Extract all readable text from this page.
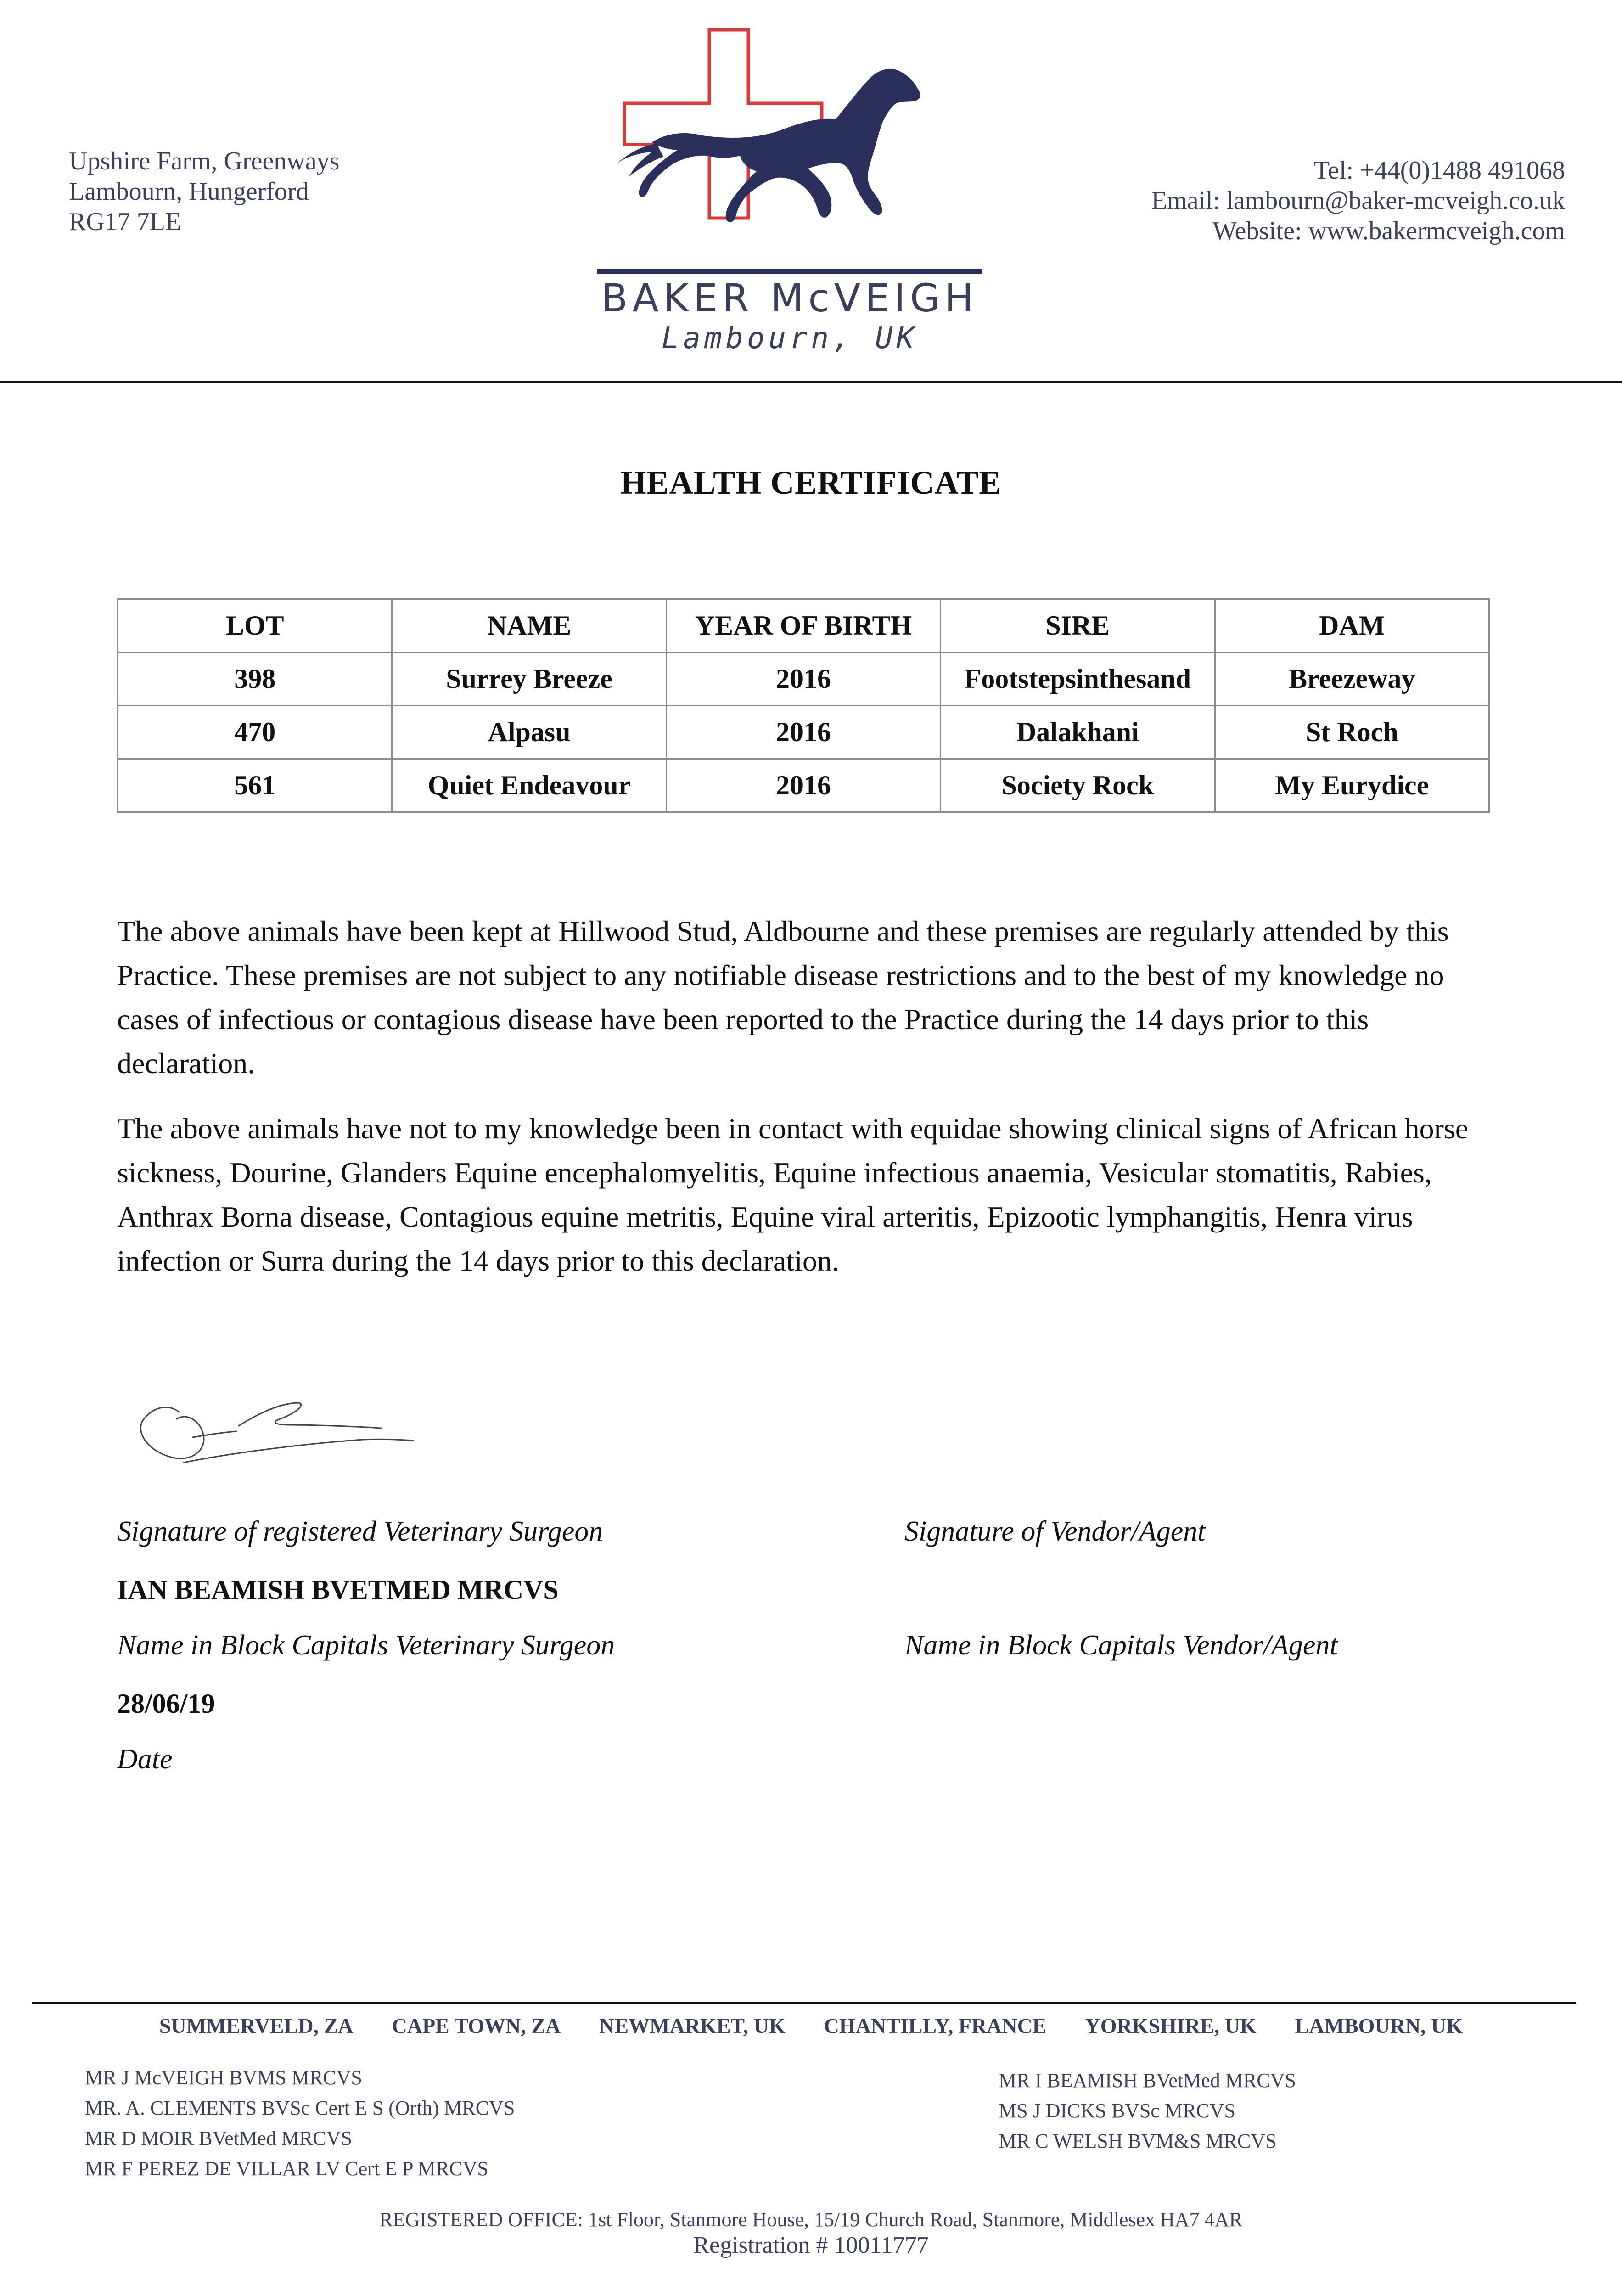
Upshire Farm, Greenways
Lambourn, Hungerford
RG17 7LE
BAKER McVEIGH
Lambourn, UK
Tel: +44(0)1488 491068
Email: lambourn@baker-mcveigh.co.uk
Website: www.bakermcveigh.com
HEALTH CERTIFICATE
LOT	NAME	YEAR OF BIRTH	SIRE	DAM
398	Surrey Breeze	2016	Footstepsinthesand	Breezeway
470	Alpasu	2016	Dalakhani	St Roch
561	Quiet Endeavour	2016	Society Rock	My Eurydice
The above animals have been kept at Hillwood Stud, Aldbourne and these premises are regularly attended by this Practice. These premises are not subject to any notifiable disease restrictions and to the best of my knowledge no cases of infectious or contagious disease have been reported to the Practice during the 14 days prior to this declaration.
The above animals have not to my knowledge been in contact with equidae showing clinical signs of African horse sickness, Dourine, Glanders Equine encephalomyelitis, Equine infectious anaemia, Vesicular stomatitis, Rabies, Anthrax Borna disease, Contagious equine metritis, Equine viral arteritis, Epizootic lymphangitis, Henra virus infection or Surra during the 14 days prior to this declaration.
Signature of registered Veterinary Surgeon	Signature of Vendor/Agent
IAN BEAMISH BVETMED MRCVS
Name in Block Capitals Veterinary Surgeon	Name in Block Capitals Vendor/Agent
28/06/19
Date
SUMMERVELD, ZA CAPE TOWN, ZA NEWMARKET, UK CHANTILLY, FRANCE YORKSHIRE, UK LAMBOURN, UK
MR J McVEIGH BVMS MRCVS
MR. A. CLEMENTS BVSc Cert E S (Orth) MRCVS
MR D MOIR BVetMed MRCVS
MR F PEREZ DE VILLAR LV Cert E P MRCVS
MR I BEAMISH BVetMed MRCVS
MS J DICKS BVSc MRCVS
MR C WELSH BVM&S MRCVS
REGISTERED OFFICE: 1st Floor, Stanmore House, 15/19 Church Road, Stanmore, Middlesex HA7 4AR
Registration # 10011777
